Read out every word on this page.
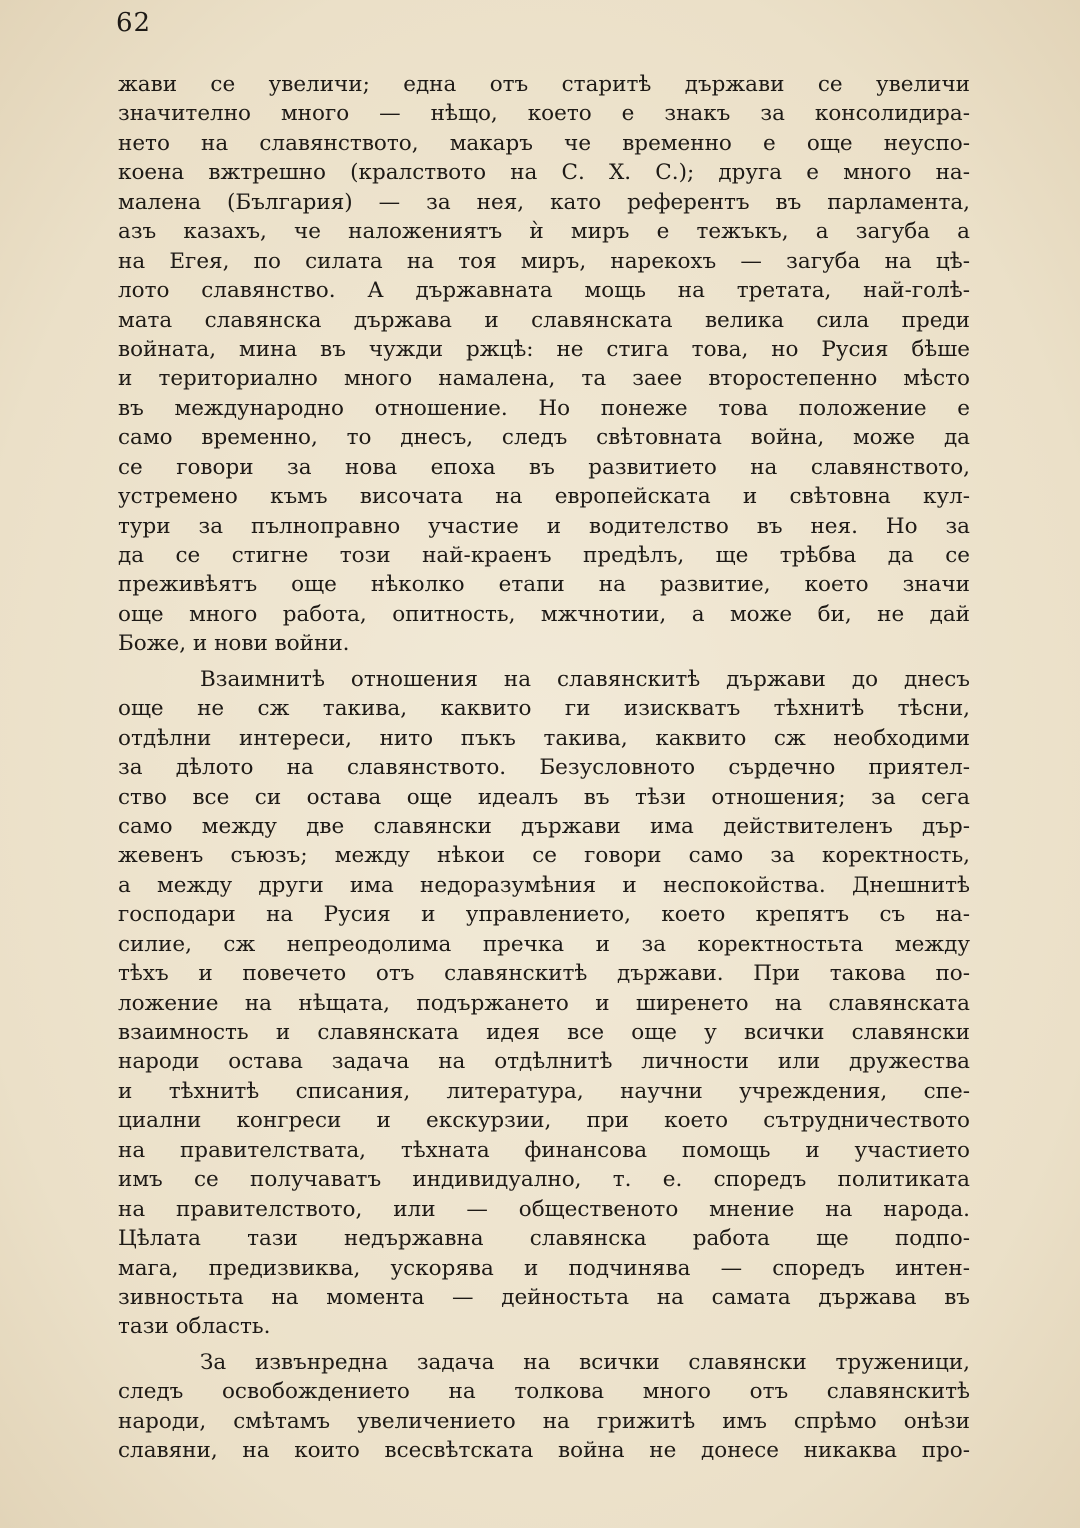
62
жави се увеличи; една отъ старитѣ държави се увеличи
значително много — нѣщо, което е знакъ за консолидира-
нето на славянството, макаръ че временно е още неуспо-
коена вжтрешно (кралството на С. Х. С.); друга е много на-
малена (България) — за нея, като референтъ въ парламента,
азъ казахъ, че наложениятъ ѝ миръ е тежъкъ, а загуба а
на Егея, по силата на тоя миръ, нарекохъ — загуба на цѣ-
лото славянство. А държавната мощь на третата, най-голѣ-
мата славянска държава и славянската велика сила преди
войната, мина въ чужди ржцѣ: не стига това, но Русия бѣше
и териториално много намалена, та заее второстепенно мѣсто
въ международно отношение. Но понеже това положение е
само временно, то днесъ, следъ свѣтовната война, може да
се говори за нова епоха въ развитието на славянството,
устремено къмъ височата на европейската и свѣтовна кул-
тури за пълноправно участие и водителство въ нея. Но за
да се стигне този най-краенъ предѣлъ, ще трѣбва да се
преживѣятъ още нѣколко етапи на развитие, което значи
още много работа, опитность, мжчнотии, а може би, не дай
Боже, и нови войни.
Взаимнитѣ отношения на славянскитѣ държави до днесъ
още не сж такива, каквито ги изискватъ тѣхнитѣ тѣсни,
отдѣлни интереси, нито пъкъ такива, каквито сж необходими
за дѣлото на славянството. Безусловното сърдечно приятел-
ство все си остава още идеалъ въ тѣзи отношения; за сега
само между две славянски държави има действителенъ дър-
жевенъ съюзъ; между нѣкои се говори само за коректность,
а между други има недоразумѣния и неспокойства. Днешнитѣ
господари на Русия и управлението, което крепятъ съ на-
силие, сж непреодолима пречка и за коректностьта между
тѣхъ и повечето отъ славянскитѣ държави. При такова по-
ложение на нѣщата, подържането и ширенето на славянската
взаимность и славянската идея все още у всички славянски
народи остава задача на отдѣлнитѣ личности или дружества
и тѣхнитѣ списания, литература, научни учреждения, спе-
циални конгреси и екскурзии, при което сътрудничеството
на правителствата, тѣхната финансова помощь и участието
имъ се получаватъ индивидуално, т. е. споредъ политиката
на правителството, или — общественото мнение на народа.
Цѣлата тази недържавна славянска работа ще подпо-
мага, предизвиква, ускорява и подчинява — споредъ интен-
зивностьта на момента — дейностьта на самата държава въ
тази область.
За извънредна задача на всички славянски труженици,
следъ освобождението на толкова много отъ славянскитѣ
народи, смѣтамъ увеличението на грижитѣ имъ спрѣмо онѣзи
славяни, на които всесвѣтската война не донесе никаква про-
